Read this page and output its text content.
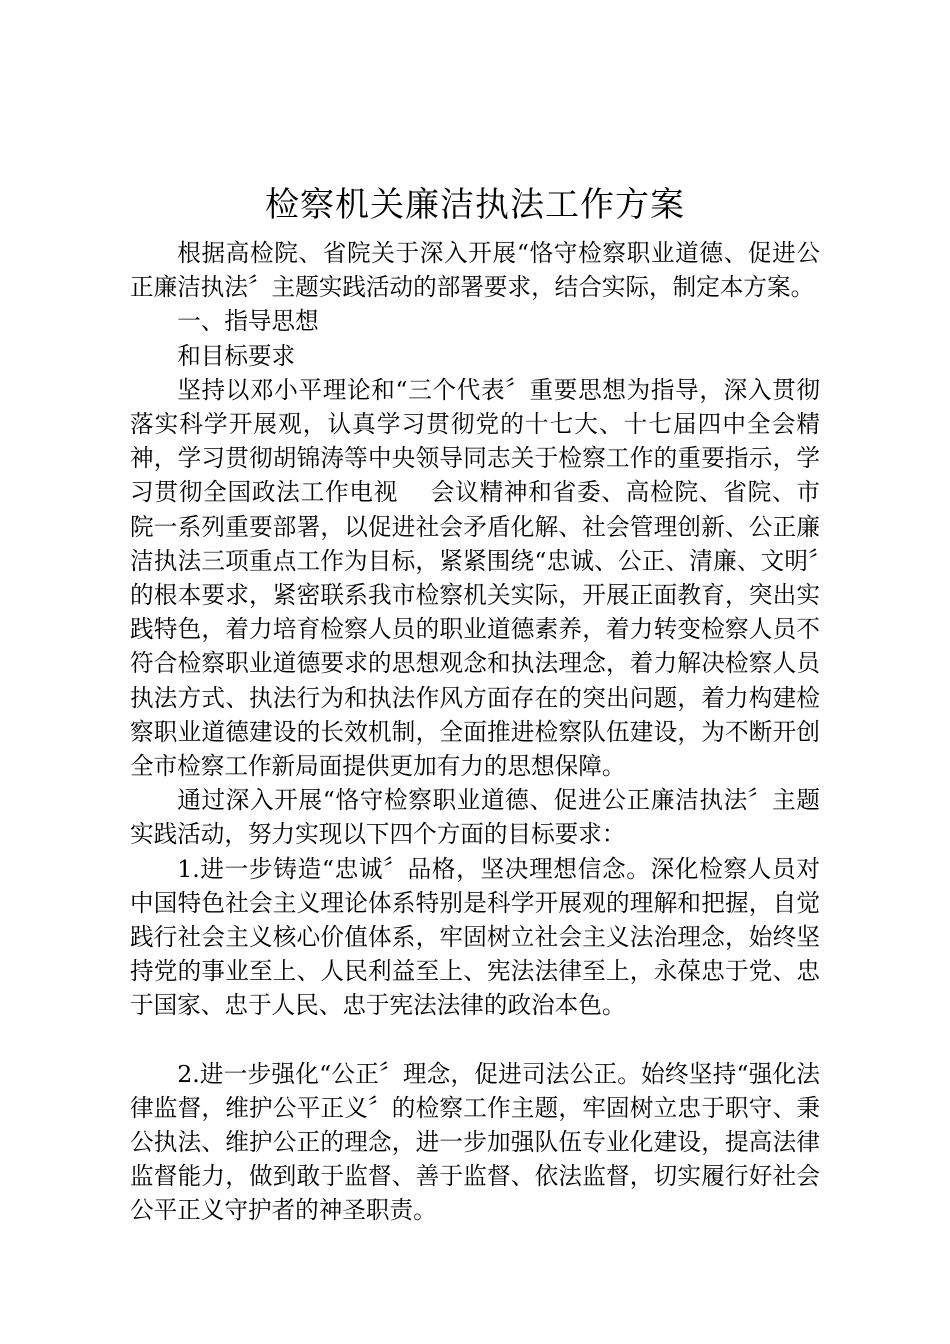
检察机关廉洁执法工作方案

根据高检院、省院关于深入开展“恪守检察职业道德、促进公正廉洁执法〞主题实践活动的部署要求，结合实际，制定本方案。

一、指导思想

和目标要求

坚持以邓小平理论和“三个代表〞重要思想为指导，深入贯彻落实科学开展观，认真学习贯彻党的十七大、十七届四中全会精神，学习贯彻胡锦涛等中央领导同志关于检察工作的重要指示，学习贯彻全国政法工作电视　 会议精神和省委、高检院、省院、市院一系列重要部署，以促进社会矛盾化解、社会管理创新、公正廉洁执法三项重点工作为目标，紧紧围绕“忠诚、公正、清廉、文明〞的根本要求，紧密联系我市检察机关实际，开展正面教育，突出实践特色，着力培育检察人员的职业道德素养，着力转变检察人员不符合检察职业道德要求的思想观念和执法理念，着力解决检察人员执法方式、执法行为和执法作风方面存在的突出问题，着力构建检察职业道德建设的长效机制，全面推进检察队伍建设，为不断开创全市检察工作新局面提供更加有力的思想保障。

通过深入开展“恪守检察职业道德、促进公正廉洁执法〞主题实践活动，努力实现以下四个方面的目标要求：

1.进一步铸造“忠诚〞品格，坚决理想信念。深化检察人员对中国特色社会主义理论体系特别是科学开展观的理解和把握，自觉践行社会主义核心价值体系，牢固树立社会主义法治理念，始终坚持党的事业至上、人民利益至上、宪法法律至上，永葆忠于党、忠于国家、忠于人民、忠于宪法法律的政治本色。

2.进一步强化“公正〞理念，促进司法公正。始终坚持“强化法律监督，维护公平正义〞的检察工作主题，牢固树立忠于职守、秉公执法、维护公正的理念，进一步加强队伍专业化建设，提高法律监督能力，做到敢于监督、善于监督、依法监督，切实履行好社会公平正义守护者的神圣职责。
